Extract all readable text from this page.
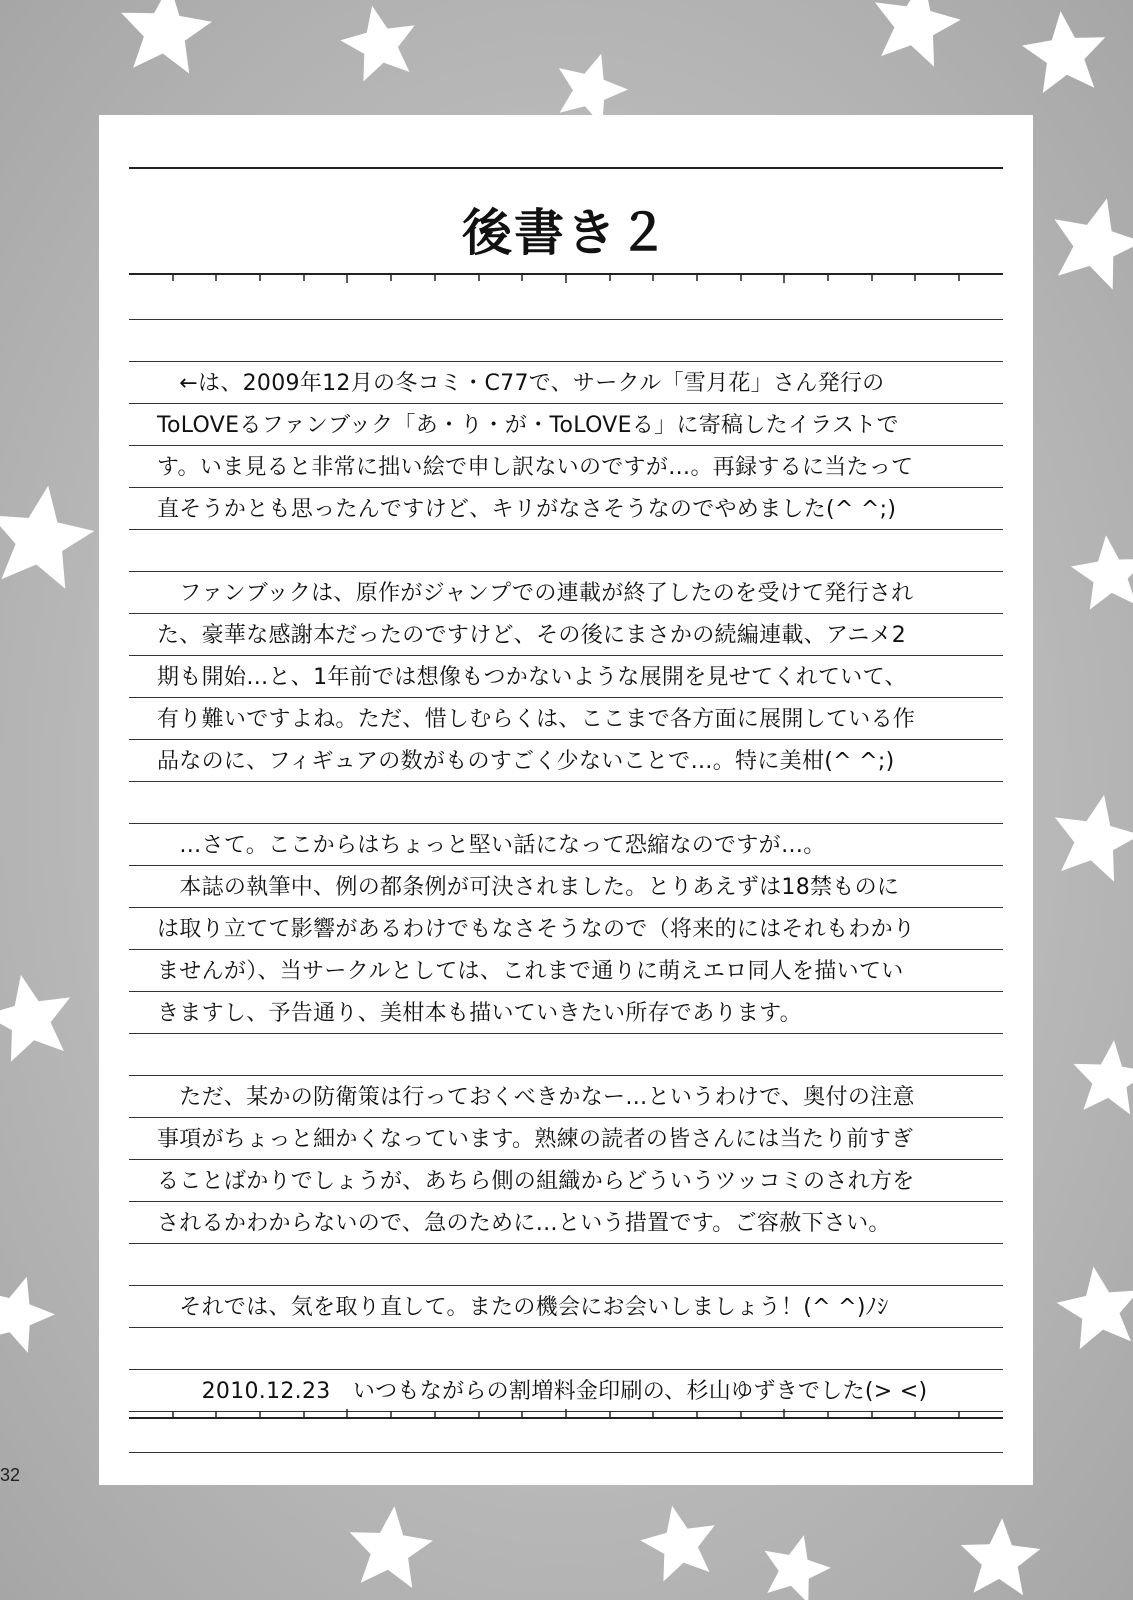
後書き２
　←は、2009年12月の冬コミ・C77で、サークル「雪月花」さん発行の
ToLOVEるファンブック「あ・り・が・ToLOVEる」に寄稿したイラストで
す。いま見ると非常に拙い絵で申し訳ないのですが…。再録するに当たって
直そうかとも思ったんですけど、キリがなさそうなのでやめました(^ ^;)
　ファンブックは、原作がジャンプでの連載が終了したのを受けて発行され
た、豪華な感謝本だったのですけど、その後にまさかの続編連載、アニメ2
期も開始…と、1年前では想像もつかないような展開を見せてくれていて、
有り難いですよね。ただ、惜しむらくは、ここまで各方面に展開している作
品なのに、フィギュアの数がものすごく少ないことで…。特に美柑(^ ^;)
　…さて。ここからはちょっと堅い話になって恐縮なのですが…。
　本誌の執筆中、例の都条例が可決されました。とりあえずは18禁ものに
は取り立てて影響があるわけでもなさそうなので（将来的にはそれもわかり
ませんが）、当サークルとしては、これまで通りに萌えエロ同人を描いてい
きますし、予告通り、美柑本も描いていきたい所存であります。
　ただ、某かの防衛策は行っておくべきかなー…というわけで、奥付の注意
事項がちょっと細かくなっています。熟練の読者の皆さんには当たり前すぎ
ることばかりでしょうが、あちら側の組織からどういうツッコミのされ方を
されるかわからないので、急のために…という措置です。ご容赦下さい。
　それでは、気を取り直して。またの機会にお会いしましょう！(^ ^)ﾉｼ
　　2010.12.23　いつもながらの割増料金印刷の、杉山ゆずきでした(> <)
32
